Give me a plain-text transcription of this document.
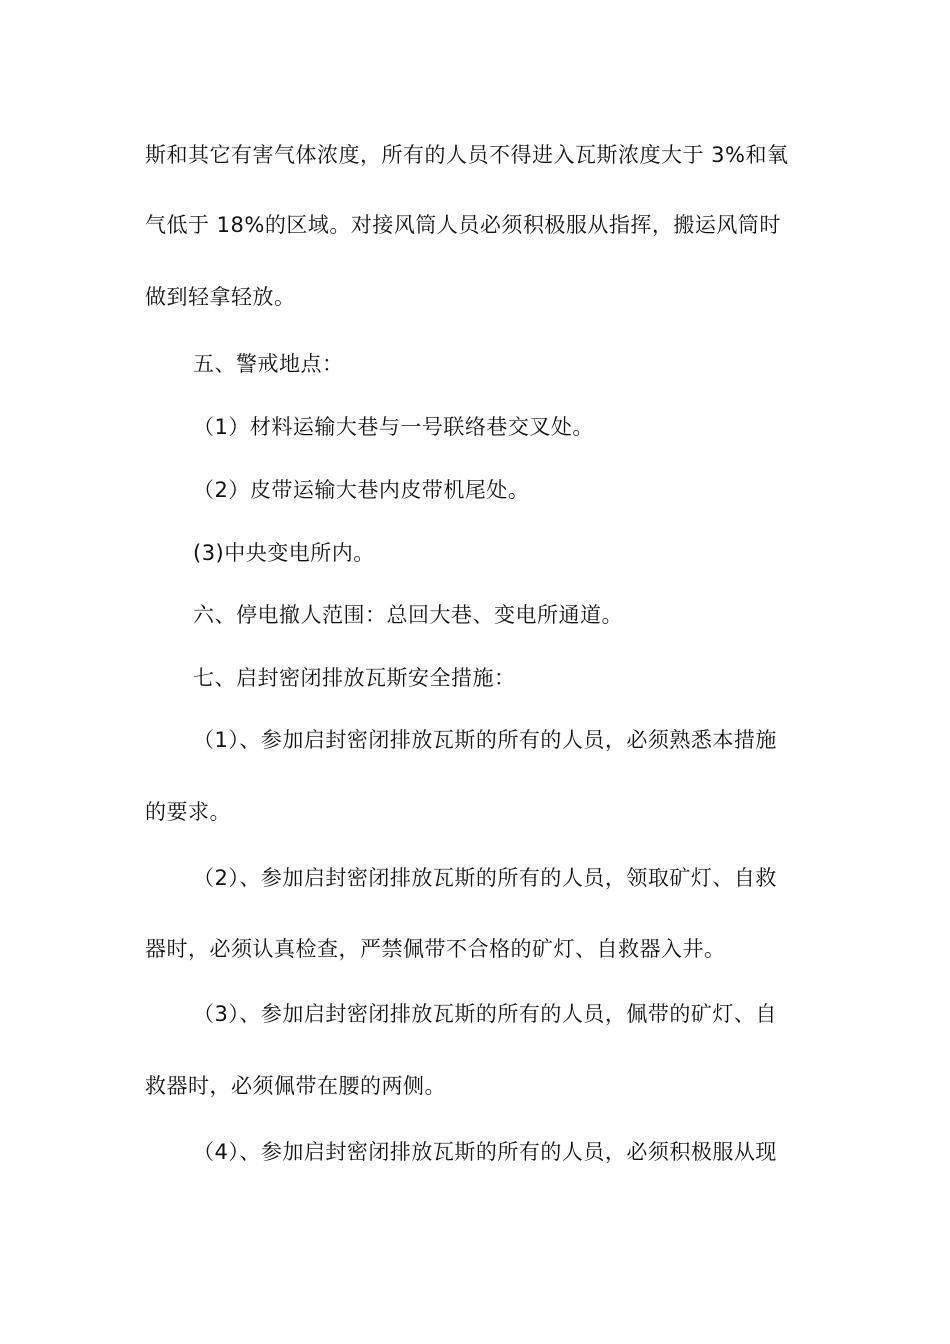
斯和其它有害气体浓度，所有的人员不得进入瓦斯浓度大于 3%和氧
气低于 18%的区域。对接风筒人员必须积极服从指挥，搬运风筒时
做到轻拿轻放。
五、警戒地点：
（1）材料运输大巷与一号联络巷交叉处。
（2）皮带运输大巷内皮带机尾处。
(3)中央变电所内。
六、停电撤人范围：总回大巷、变电所通道。
七、启封密闭排放瓦斯安全措施：
（1）、参加启封密闭排放瓦斯的所有的人员，必须熟悉本措施
的要求。
（2）、参加启封密闭排放瓦斯的所有的人员，领取矿灯、自救
器时，必须认真检查，严禁佩带不合格的矿灯、自救器入井。
（3）、参加启封密闭排放瓦斯的所有的人员，佩带的矿灯、自
救器时，必须佩带在腰的两侧。
（4）、参加启封密闭排放瓦斯的所有的人员，必须积极服从现
